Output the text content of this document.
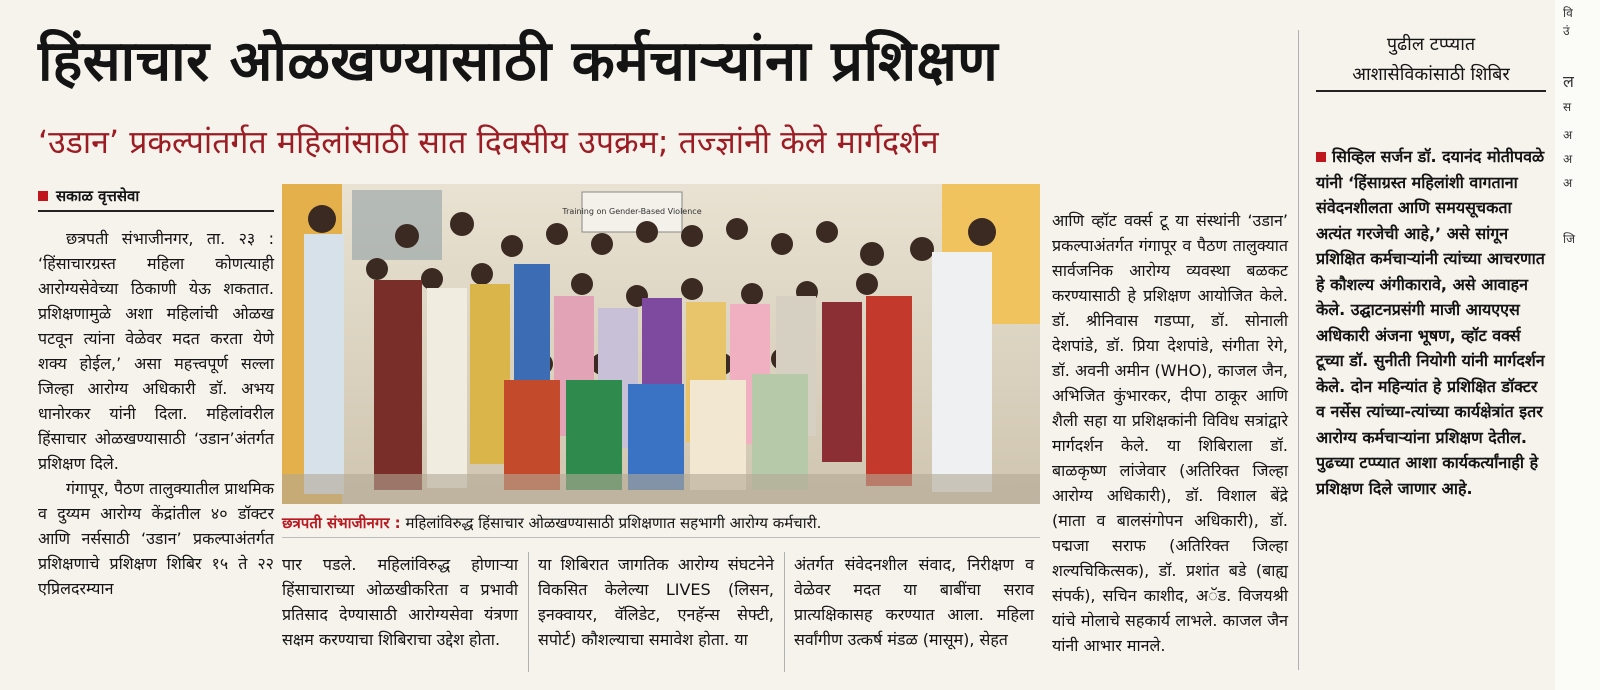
हिंसाचार ओळखण्यासाठी कर्मचाऱ्यांना प्रशिक्षण
‘उडान’ प्रकल्पांतर्गत महिलांसाठी सात दिवसीय उपक्रम; तज्ज्ञांनी केले मार्गदर्शन
सकाळ वृत्तसेवा

छत्रपती संभाजीनगर, ता. २३ : ‘हिंसाचारग्रस्त महिला कोणत्याही आरोग्यसेवेच्या ठिकाणी येऊ शकतात. प्रशिक्षणामुळे अशा महिलांची ओळख पटवून त्यांना वेळेवर मदत करता येणे शक्य होईल,’ असा महत्त्वपूर्ण सल्ला जिल्हा आरोग्य अधिकारी डॉ. अभय धानोरकर यांनी दिला. महिलांवरील हिंसाचार ओळखण्यासाठी ‘उडान’अंतर्गत प्रशिक्षण दिले.

गंगापूर, पैठण तालुक्यातील प्राथमिक व दुय्यम आरोग्य केंद्रांतील ४० डॉक्टर आणि नर्ससाठी ‘उडान’ प्रकल्पाअंतर्गत प्रशिक्षणाचे प्रशिक्षण शिबिर १५ ते २२ एप्रिलदरम्यान

Training on Gender-Based Violence
छत्रपती संभाजीनगर : महिलांविरुद्ध हिंसाचार ओळखण्यासाठी प्रशिक्षणात सहभागी आरोग्य कर्मचारी.

पार पडले. महिलांविरुद्ध होणाऱ्या हिंसाचाराच्या ओळखीकरिता व प्रभावी प्रतिसाद देण्यासाठी आरोग्यसेवा यंत्रणा सक्षम करण्याचा शिबिराचा उद्देश होता.

या शिबिरात जागतिक आरोग्य संघटनेने विकसित केलेल्या LIVES (लिसन, इनक्वायर, वॅलिडेट, एनहॅन्स सेफ्टी, सपोर्ट) कौशल्याचा समावेश होता. या

अंतर्गत संवेदनशील संवाद, निरीक्षण व वेळेवर मदत या बाबींचा सराव प्रात्यक्षिकासह करण्यात आला. महिला सर्वांगीण उत्कर्ष मंडळ (मासूम), सेहत

आणि व्हॉट वर्क्स टू या संस्थांनी ‘उडान’ प्रकल्पाअंतर्गत गंगापूर व पैठण तालुक्यात सार्वजनिक आरोग्य व्यवस्था बळकट करण्यासाठी हे प्रशिक्षण आयोजित केले. डॉ. श्रीनिवास गडप्पा, डॉ. सोनाली देशपांडे, डॉ. प्रिया देशपांडे, संगीता रेगे, डॉ. अवनी अमीन (WHO), काजल जैन, अभिजित कुंभारकर, दीपा ठाकूर आणि शैली सहा या प्रशिक्षकांनी विविध सत्रांद्वारे मार्गदर्शन केले. या शिबिराला डॉ. बाळकृष्ण लांजेवार (अतिरिक्त जिल्हा आरोग्य अधिकारी), डॉ. विशाल बेंद्रे (माता व बालसंगोपन अधिकारी), डॉ. पद्मजा सराफ (अतिरिक्त जिल्हा शल्यचिकित्सक), डॉ. प्रशांत बडे (बाह्य संपर्क), सचिन काशीद, अॅड. विजयश्री यांचे मोलाचे सहकार्य लाभले. काजल जैन यांनी आभार मानले.

पुढील टप्प्यात
आशासेविकांसाठी शिबिर
सिव्हिल सर्जन डॉ. दयानंद मोतीपवळे यांनी ‘हिंसाग्रस्त महिलांशी वागताना संवेदनशीलता आणि समयसूचकता अत्यंत गरजेची आहे,’ असे सांगून प्रशिक्षित कर्मचाऱ्यांनी त्यांच्या आचरणात हे कौशल्य अंगीकारावे, असे आवाहन केले. उद्घाटनप्रसंगी माजी आयएएस अधिकारी अंजना भूषण, व्हॉट वर्क्स टूच्या डॉ. सुनीती नियोगी यांनी मार्गदर्शन केले. दोन महिन्यांत हे प्रशिक्षित डॉक्टर व नर्सेस त्यांच्या-त्यांच्या कार्यक्षेत्रांत इतर आरोग्य कर्मचाऱ्यांना प्रशिक्षण देतील. पुढच्या टप्प्यात आशा कार्यकर्त्यांनाही हे प्रशिक्षण दिले जाणार आहे.
वि
उं
ल
स
अ
अ
अ
जि
